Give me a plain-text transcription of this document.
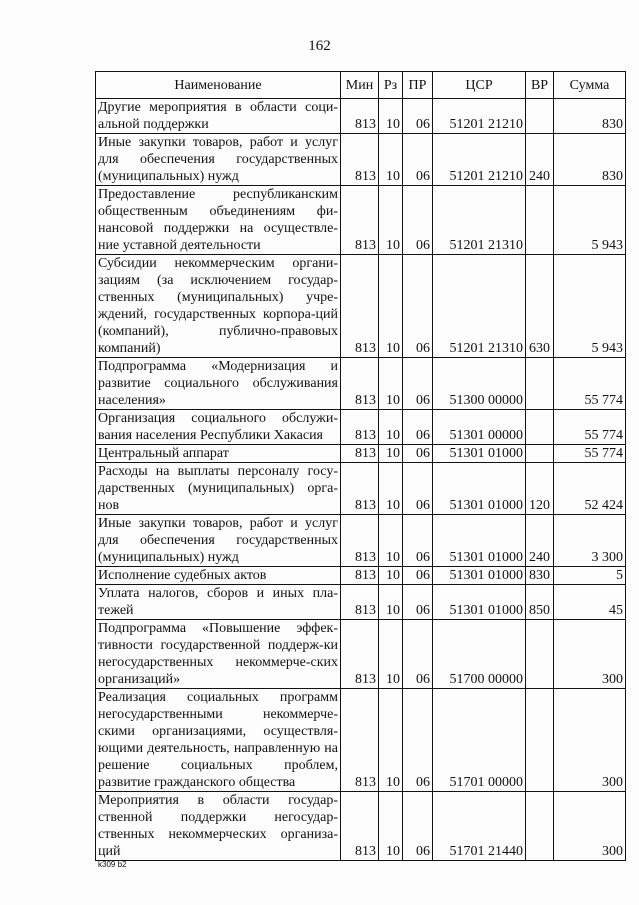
162
Наименование	Мин	Рз	ПР	ЦСР	ВР	Сумма
Другие мероприятия в области соци-альной поддержки	813	10	06	51201 21210		830
Иные закупки товаров, работ и услуг для обеспечения государственных (муниципальных) нужд	813	10	06	51201 21210	240	830
Предоставление республиканским общественным объединениям фи-нансовой поддержки на осуществле-ние уставной деятельности	813	10	06	51201 21310		5 943
Субсидии некоммерческим органи-зациям (за исключением государ-ственных (муниципальных) учре-ждений, государственных корпора-ций (компаний), публично-правовых компаний)	813	10	06	51201 21310	630	5 943
Подпрограмма «Модернизация и развитие социального обслуживания населения»	813	10	06	51300 00000		55 774
Организация социального обслужи-вания населения Республики Хакасия	813	10	06	51301 00000		55 774
Центральный аппарат	813	10	06	51301 01000		55 774
Расходы на выплаты персоналу госу-дарственных (муниципальных) орга-нов	813	10	06	51301 01000	120	52 424
Иные закупки товаров, работ и услуг для обеспечения государственных (муниципальных) нужд	813	10	06	51301 01000	240	3 300
Исполнение судебных актов	813	10	06	51301 01000	830	5
Уплата налогов, сборов и иных пла-тежей	813	10	06	51301 01000	850	45
Подпрограмма «Повышение эффек-тивности государственной поддерж-ки негосударственных некоммерче-ских организаций»	813	10	06	51700 00000		300
Реализация социальных программ негосударственными некоммерче-скими организациями, осуществля-ющими деятельность, направленную на решение социальных проблем, развитие гражданского общества	813	10	06	51701 00000		300
Мероприятия в области государ-ственной поддержки негосудар-ственных некоммерческих организа-ций	813	10	06	51701 21440		300
k309 b2
